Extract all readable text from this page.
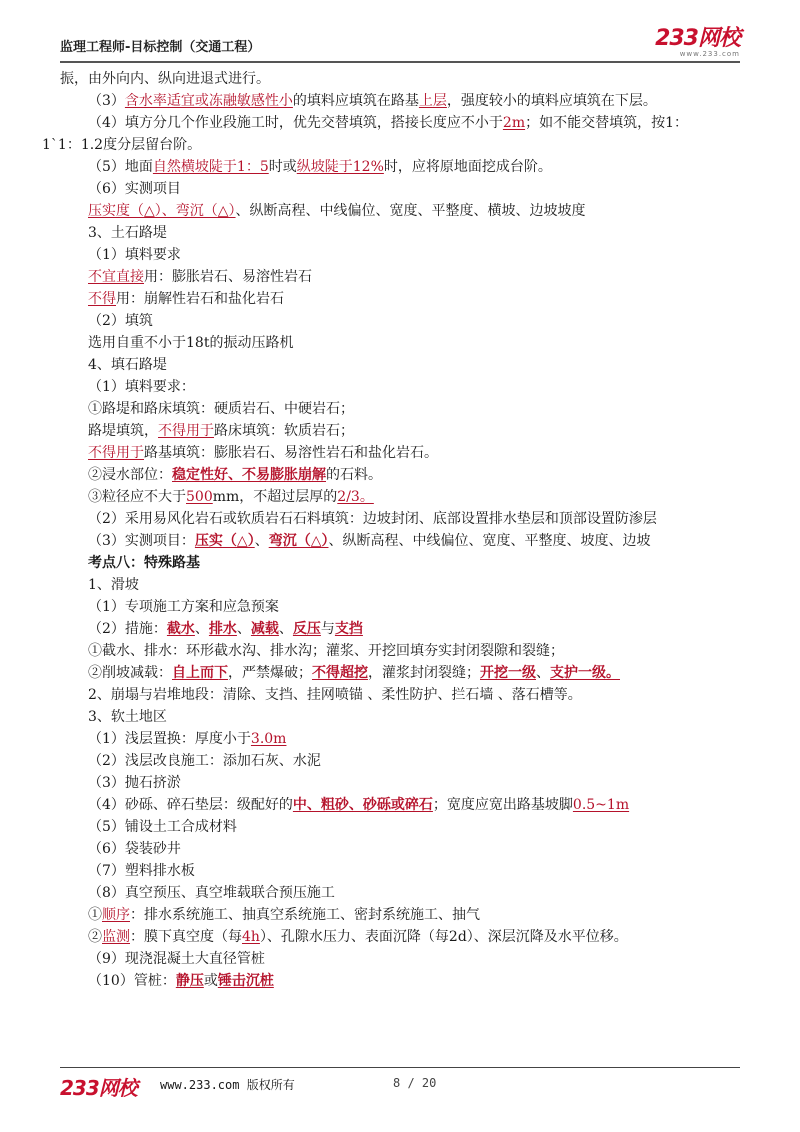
监理工程师-目标控制（交通工程）	233网校
www.233.com
振，由外向内、纵向进退式进行。
（3）含水率适宜或冻融敏感性小的填料应填筑在路基上层，强度较小的填料应填筑在下层。
（4）填方分几个作业段施工时，优先交替填筑，搭接长度应不小于2m；如不能交替填筑，按1：
1`1：1.2度分层留台阶。
（5）地面自然横坡陡于1：5时或纵坡陡于12%时，应将原地面挖成台阶。
（6）实测项目
压实度（△）、弯沉（△）、纵断高程、中线偏位、宽度、平整度、横坡、边坡坡度
3、土石路堤
（1）填料要求
不宜直接用：膨胀岩石、易溶性岩石
不得用：崩解性岩石和盐化岩石
（2）填筑
选用自重不小于18t的振动压路机
4、填石路堤
（1）填料要求：
①路堤和路床填筑：硬质岩石、中硬岩石；
路堤填筑，不得用于路床填筑：软质岩石；
不得用于路基填筑：膨胀岩石、易溶性岩石和盐化岩石。
②浸水部位：稳定性好、不易膨胀崩解的石料。
③粒径应不大于500mm，不超过层厚的2/3。
（2）采用易风化岩石或软质岩石石料填筑：边坡封闭、底部设置排水垫层和顶部设置防渗层
（3）实测项目：压实（△）、弯沉（△）、纵断高程、中线偏位、宽度、平整度、坡度、边坡
考点八：特殊路基
1、滑坡
（1）专项施工方案和应急预案
（2）措施：截水、排水、减载、反压与支挡
①截水、排水：环形截水沟、排水沟；灌浆、开挖回填夯实封闭裂隙和裂缝；
②削坡减载：自上而下，严禁爆破；不得超挖，灌浆封闭裂缝；开挖一级、支护一级。
2、崩塌与岩堆地段：清除、支挡、挂网喷锚 、柔性防护、拦石墙 、落石槽等。
3、软土地区
（1）浅层置换：厚度小于3.0m
（2）浅层改良施工：添加石灰、水泥
（3）抛石挤淤
（4）砂砾、碎石垫层：级配好的中、粗砂、砂砾或碎石；宽度应宽出路基坡脚0.5~1m
（5）铺设土工合成材料
（6）袋装砂井
（7）塑料排水板
（8）真空预压、真空堆载联合预压施工
①顺序：排水系统施工、抽真空系统施工、密封系统施工、抽气
②监测：膜下真空度（每4h）、孔隙水压力、表面沉降（每2d）、深层沉降及水平位移。
（9）现浇混凝土大直径管桩
（10）管桩：静压或锤击沉桩
233网校 www.233.com 版权所有	8 / 20
